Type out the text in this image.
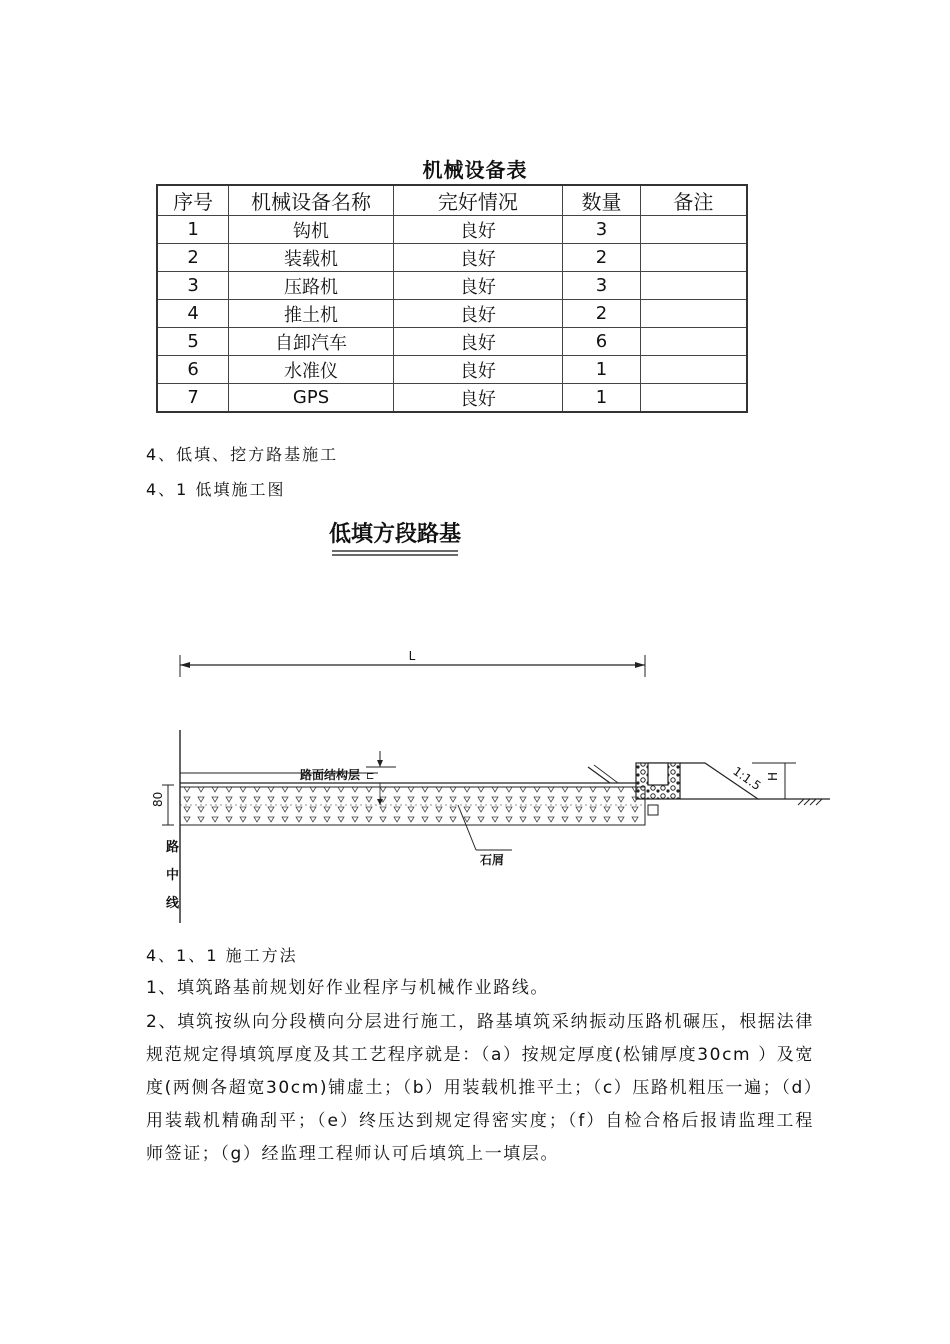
机械设备表
序号	机械设备名称	完好情况	数量	备注
1	钩机	良好	3	
2	装载机	良好	2	
3	压路机	良好	3	
4	推土机	良好	2	
5	自卸汽车	良好	6	
6	水准仪	良好	1	
7	GPS	良好	1	
4、低填、挖方路基施工
4、1 低填施工图
低填方段路基
L
路面结构层 ⊏
80
1:1.5 H
石屑
路
中
线
4、1、1 施工方法
1、填筑路基前规划好作业程序与机械作业路线。
2、填筑按纵向分段横向分层进行施工，路基填筑采纳振动压路机碾压，根据法律规范规定得填筑厚度及其工艺程序就是：（a）按规定厚度(松铺厚度30cm ）及宽度(两侧各超宽30cm)铺虚土；（b）用装载机推平土；（c）压路机粗压一遍；（d）用装载机精确刮平；（e）终压达到规定得密实度；（f）自检合格后报请监理工程师签证；（g）经监理工程师认可后填筑上一填层。
